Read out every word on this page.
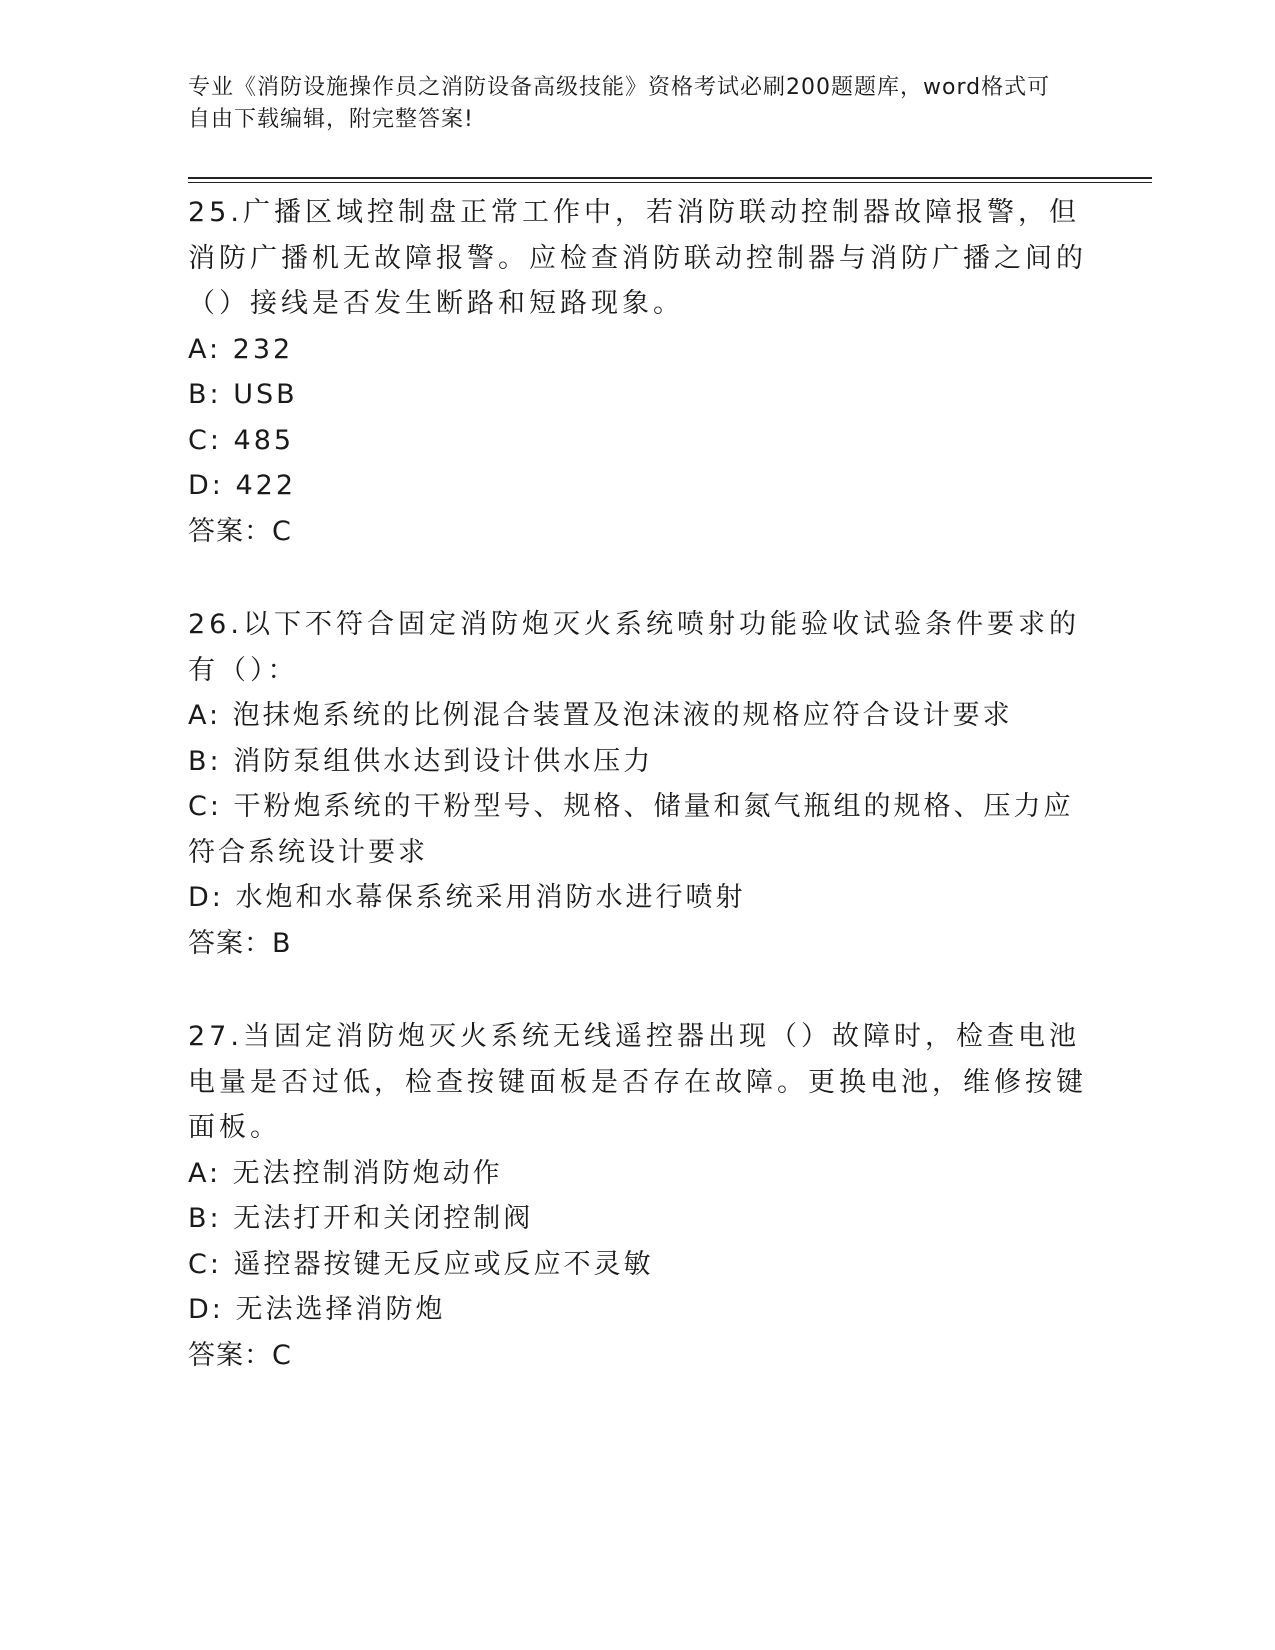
专业《消防设施操作员之消防设备高级技能》资格考试必刷200题题库，word格式可自由下载编辑，附完整答案!

25.广播区域控制盘正常工作中，若消防联动控制器故障报警，但消防广播机无故障报警。应检查消防联动控制器与消防广播之间的（）接线是否发生断路和短路现象。

A: 232

B: USB

C: 485

D: 422

答案：C

26.以下不符合固定消防炮灭火系统喷射功能验收试验条件要求的有（）：

A: 泡抹炮系统的比例混合装置及泡沫液的规格应符合设计要求

B: 消防泵组供水达到设计供水压力

C: 干粉炮系统的干粉型号、规格、储量和氮气瓶组的规格、压力应符合系统设计要求

D: 水炮和水幕保系统采用消防水进行喷射

答案：B

27.当固定消防炮灭火系统无线遥控器出现（）故障时，检查电池电量是否过低，检查按键面板是否存在故障。更换电池，维修按键面板。

A: 无法控制消防炮动作

B: 无法打开和关闭控制阀

C: 遥控器按键无反应或反应不灵敏

D: 无法选择消防炮

答案：C
